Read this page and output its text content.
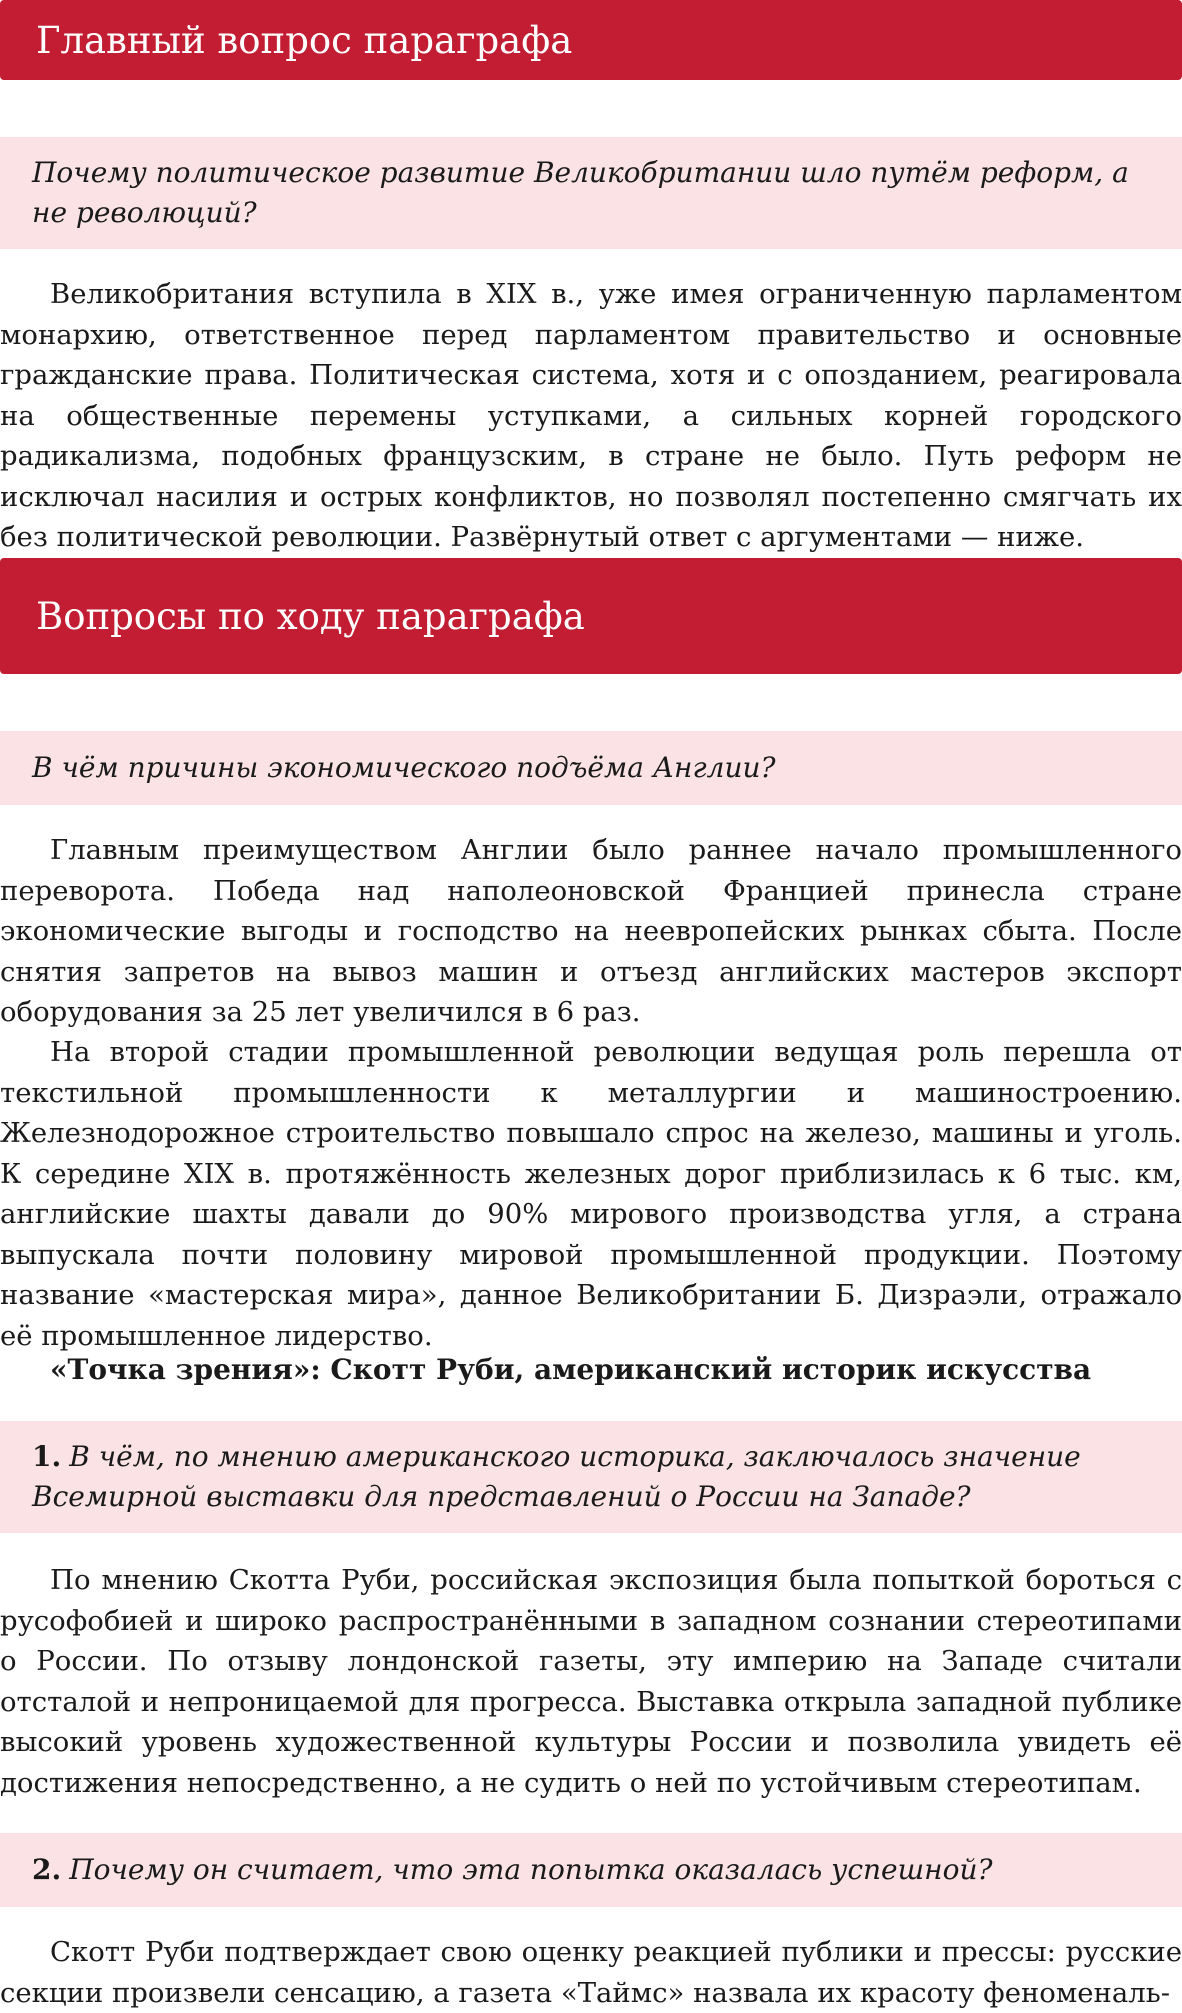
Главный вопрос параграфа
Почему политическое развитие Великобритании шло путём реформ, а не революций?

Великобритания вступила в XIX в., уже имея ограниченную парламентом монархию, ответственное перед парламентом правительство и основные гражданские права. Политическая система, хотя и с опозданием, реагировала на общественные перемены уступками, а сильных корней городского радикализма, подобных французским, в стране не было. Путь реформ не исключал насилия и острых конфликтов, но позволял постепенно смягчать их без политической революции. Развёрнутый ответ с аргументами — ниже.

Вопросы по ходу параграфа
В чём причины экономического подъёма Англии?

Главным преимуществом Англии было раннее начало промышленного переворота. Победа над наполеоновской Францией принесла стране экономические выгоды и господство на неевропейских рынках сбыта. После снятия запретов на вывоз машин и отъезд английских мастеров экспорт оборудования за 25 лет увеличился в 6 раз.

На второй стадии промышленной революции ведущая роль перешла от текстильной промышленности к металлургии и машиностроению. Железнодорожное строительство повышало спрос на железо, машины и уголь. К середине XIX в. протяжённость железных дорог приблизилась к 6 тыс. км, английские шахты давали до 90% мирового производства угля, а страна выпускала почти половину мировой промышленной продукции. Поэтому название «мастерская мира», данное Великобритании Б. Дизраэли, отражало её промышленное лидерство.

«Точка зрения»: Скотт Руби, американский историк искусства
1. В чём, по мнению американского историка, заключалось значение Всемирной выставки для представлений о России на Западе?

По мнению Скотта Руби, российская экспозиция была попыткой бороться с русофобией и широко распространёнными в западном сознании стереотипами о России. По отзыву лондонской газеты, эту империю на Западе считали отсталой и непроницаемой для прогресса. Выставка открыла западной публике высокий уровень художественной культуры России и позволила увидеть её достижения непосредственно, а не судить о ней по устойчивым стереотипам.

2. Почему он считает, что эта попытка оказалась успешной?

Скотт Руби подтверждает свою оценку реакцией публики и прессы: русские секции произвели сенсацию, а газета «Таймс» назвала их красоту феноменаль-
